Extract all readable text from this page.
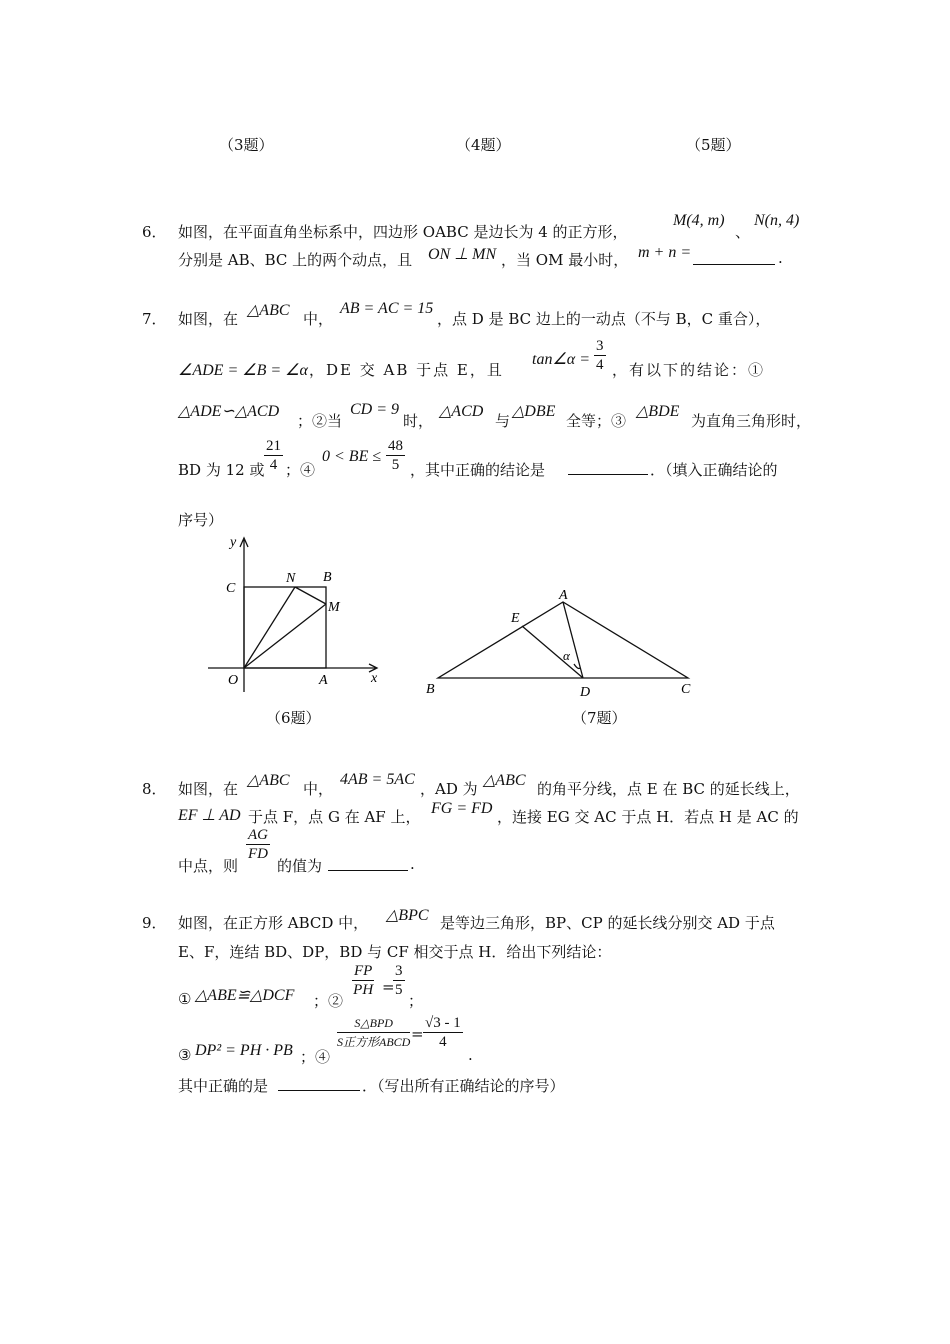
（3题）	（4题）	（5题）
6． 如图，在平面直角坐标系中，四边形 OABC 是边长为 4 的正方形，
M(4, m)
、
N(n, 4)
分别是 AB、BC 上的两个动点，且 ON ⊥ MN ，当 OM 最小时， m + n =	.
7． 如图，在 △ABC 中，
AB = AC = 15
，点 D 是 BC 边上的一动点（不与 B，C 重合），
∠ADE = ∠B = ∠α ，DE 交 AB 于点 E，且
tan∠α = $\frac{3}{4}$ ，有以下的结论：①
△ADE∽△ACD
；②当
CD = 9
时，
△ACD
与
△DBE
全等；③
△BDE
为直角三角形时，
BD 为 12 或 $\frac{21}{4}$ ；④
0 < BE ≤ $\frac{48}{5}$ ，其中正确的结论是	．（填入正确结论的
序号）
y
x
O	A
B
C
N
M
（6题）
A
B	C
D
E
α
（7题）
8． 如图，在 △ABC 中，
4AB = 5AC
，AD 为 △ABC 的角平分线，点 E 在 BC 的延长线上，
EF ⊥ AD 于点 F，点 G 在 AF 上， FG = FD ，连接 EG 交 AC 于点 H．若点 H 是 AC 的
中点，则
$\frac{AG}{FD}$
的值为	.
9． 如图，在正方形 ABCD 中， △BPC 是等边三角形，BP、CP 的延长线分别交 AD 于点
E、F，连结 BD、DP，BD 与 CF 相交于点 H．给出下列结论：
① △ABE≌△DCF ；②
$\frac{FP}{PH}$ =
$\frac{3}{5}$
；
③ DP² = PH · PB ；④
S△BPD
S正方形ABCD = $\frac{√3 - 1}{4}$
.
其中正确的是	．（写出所有正确结论的序号）
